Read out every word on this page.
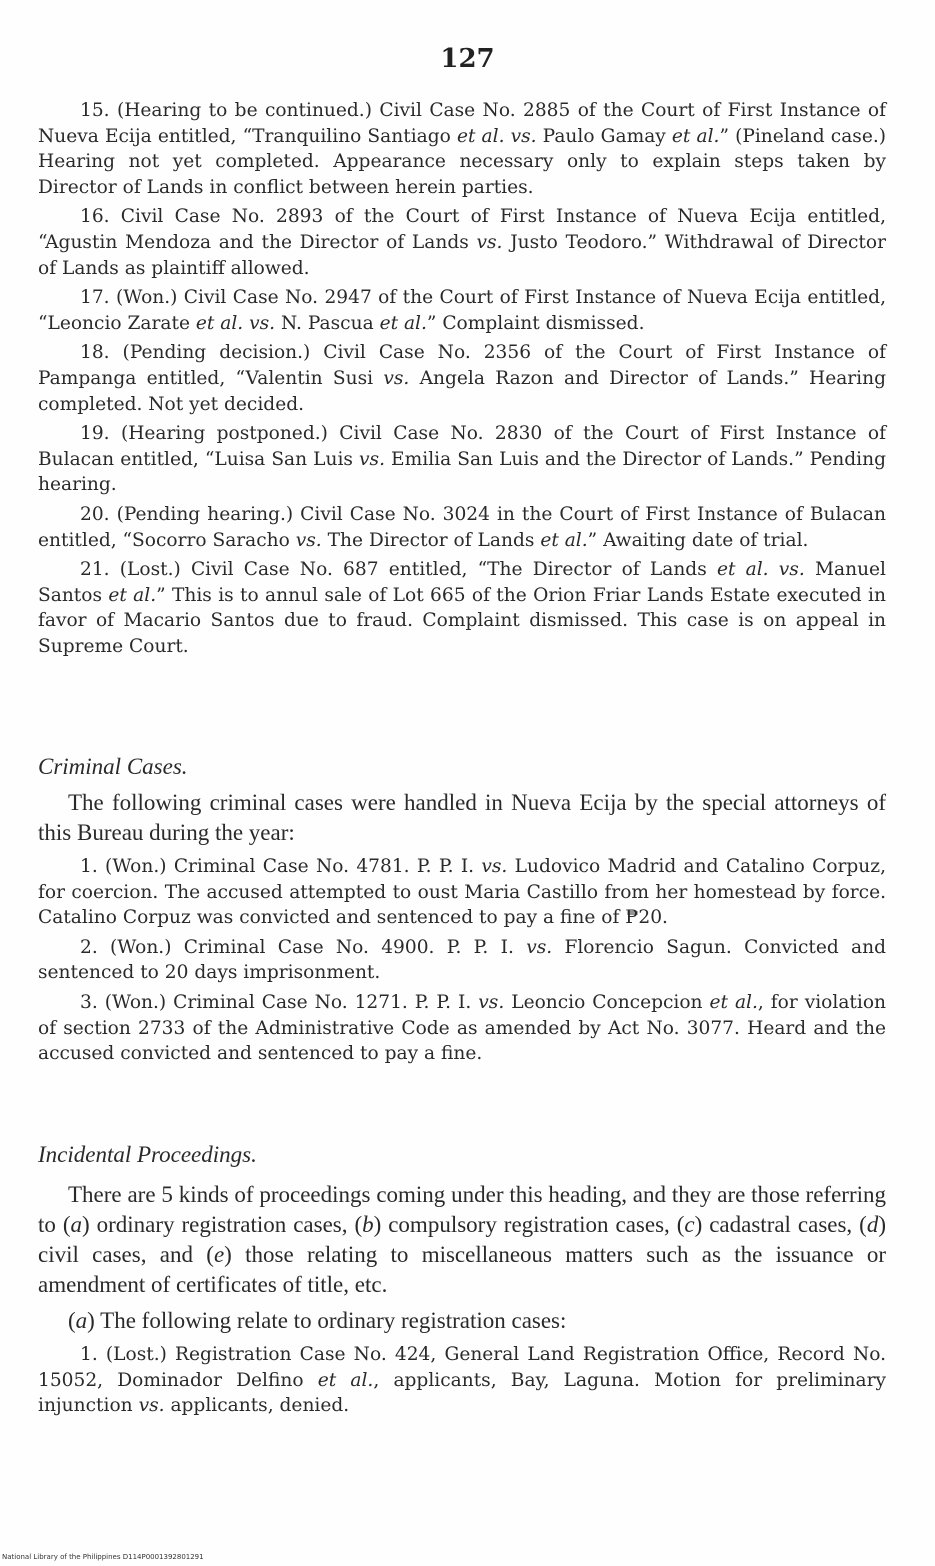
127

15. (Hearing to be continued.) Civil Case No. 2885 of the Court of First Instance of Nueva Ecija entitled, “Tranquilino Santiago et al. vs. Paulo Gamay et al.” (Pineland case.) Hearing not yet completed. Appearance necessary only to explain steps taken by Director of Lands in conflict between herein parties.

16. Civil Case No. 2893 of the Court of First Instance of Nueva Ecija entitled, “Agustin Mendoza and the Director of Lands vs. Justo Teodoro.” Withdrawal of Director of Lands as plaintiff allowed.

17. (Won.) Civil Case No. 2947 of the Court of First Instance of Nueva Ecija entitled, “Leoncio Zarate et al. vs. N. Pascua et al.” Complaint dismissed.

18. (Pending decision.) Civil Case No. 2356 of the Court of First Instance of Pampanga entitled, “Valentin Susi vs. Angela Razon and Director of Lands.” Hearing completed. Not yet decided.

19. (Hearing postponed.) Civil Case No. 2830 of the Court of First Instance of Bulacan entitled, “Luisa San Luis vs. Emilia San Luis and the Director of Lands.” Pending hearing.

20. (Pending hearing.) Civil Case No. 3024 in the Court of First Instance of Bulacan entitled, “Socorro Saracho vs. The Director of Lands et al.” Awaiting date of trial.

21. (Lost.) Civil Case No. 687 entitled, “The Director of Lands et al. vs. Manuel Santos et al.” This is to annul sale of Lot 665 of the Orion Friar Lands Estate executed in favor of Macario Santos due to fraud. Complaint dismissed. This case is on appeal in Supreme Court.

Criminal Cases.

The following criminal cases were handled in Nueva Ecija by the special attorneys of this Bureau during the year:

1. (Won.) Criminal Case No. 4781. P. P. I. vs. Ludovico Madrid and Catalino Corpuz, for coercion. The accused attempted to oust Maria Castillo from her homestead by force. Catalino Corpuz was convicted and sentenced to pay a fine of ₱20.

2. (Won.) Criminal Case No. 4900. P. P. I. vs. Florencio Sagun. Convicted and sentenced to 20 days imprisonment.

3. (Won.) Criminal Case No. 1271. P. P. I. vs. Leoncio Concepcion et al., for violation of section 2733 of the Administrative Code as amended by Act No. 3077. Heard and the accused convicted and sentenced to pay a fine.

Incidental Proceedings.

There are 5 kinds of proceedings coming under this heading, and they are those referring to (a) ordinary registration cases, (b) compulsory registration cases, (c) cadastral cases, (d) civil cases, and (e) those relating to miscellaneous matters such as the issuance or amendment of certificates of title, etc.

(a) The following relate to ordinary registration cases:

1. (Lost.) Registration Case No. 424, General Land Registration Office, Record No. 15052, Dominador Delfino et al., applicants, Bay, Laguna. Motion for preliminary injunction vs. applicants, denied.

National Library of the Philippines D114P0001392801291
